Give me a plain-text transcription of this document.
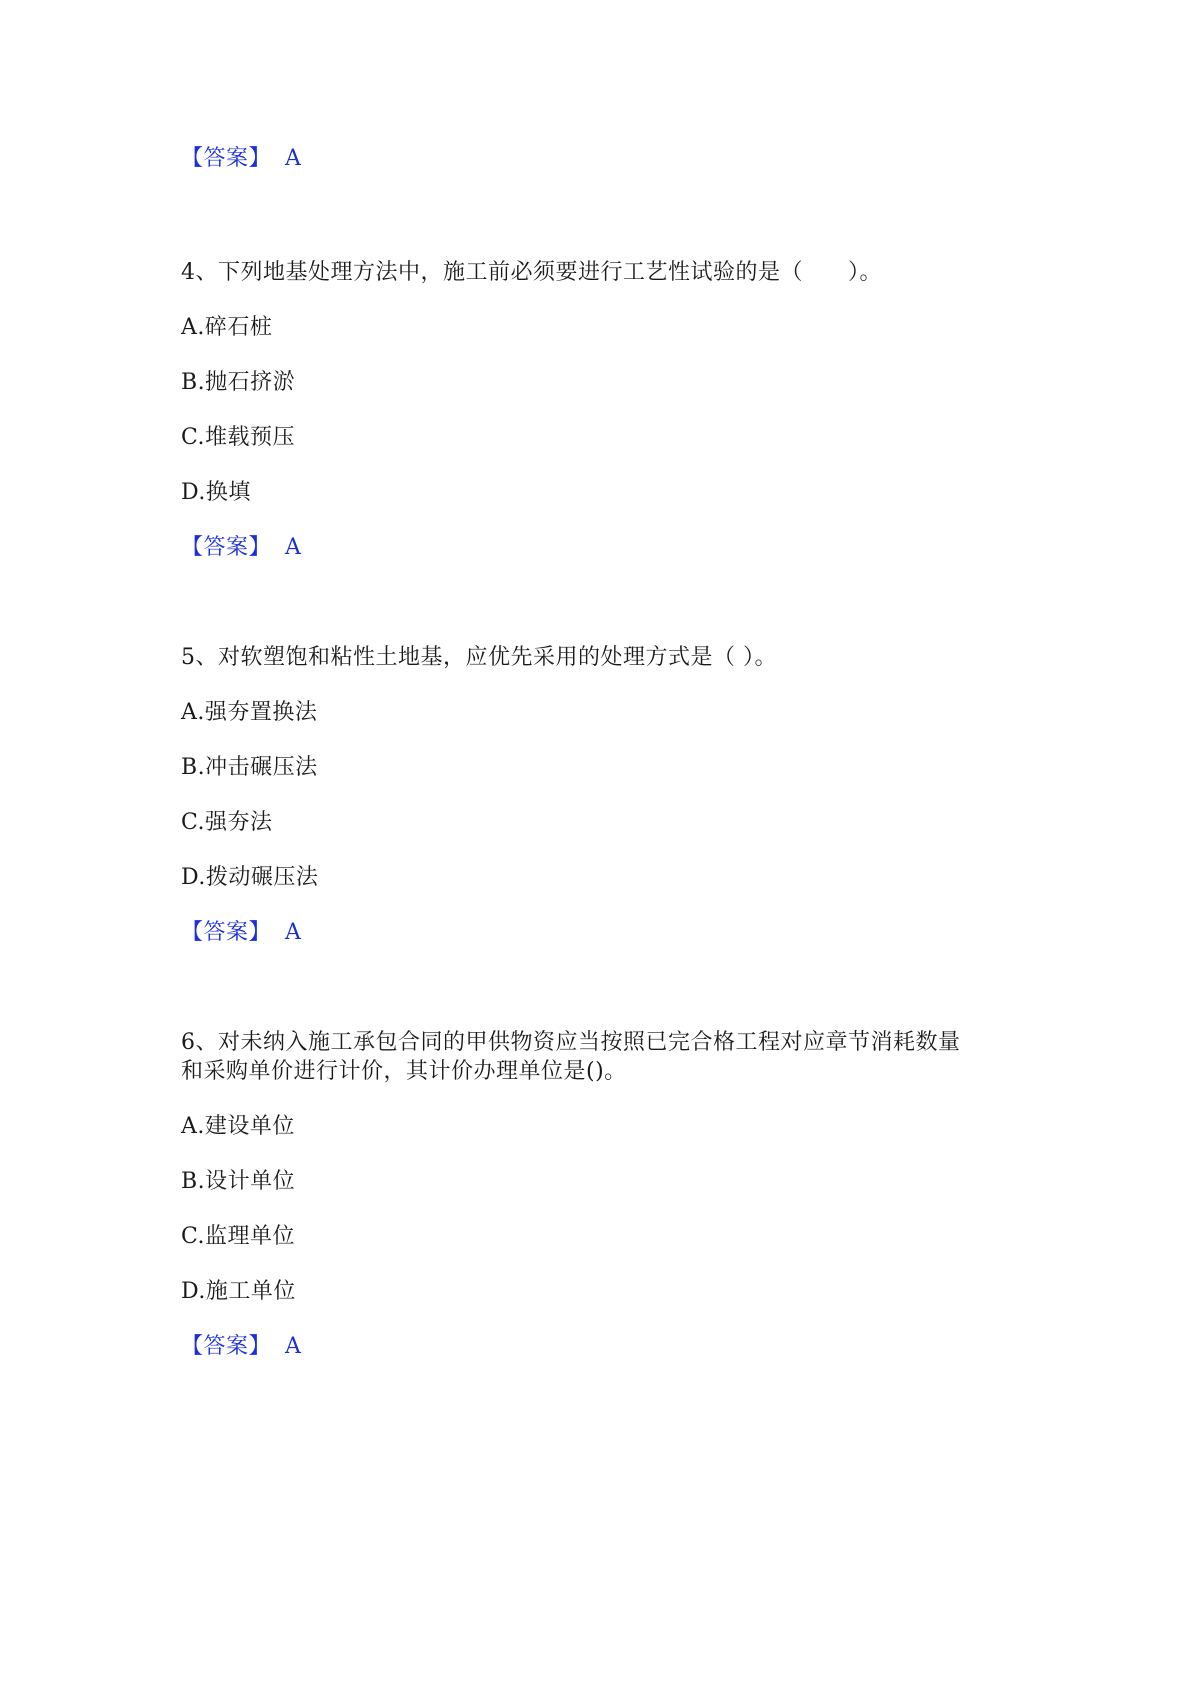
【答案】 A
4、下列地基处理方法中，施工前必须要进行工艺性试验的是（　　）。
A.碎石桩
B.抛石挤淤
C.堆载预压
D.换填
【答案】 A
5、对软塑饱和粘性土地基，应优先采用的处理方式是（ ）。
A.强夯置换法
B.冲击碾压法
C.强夯法
D.拨动碾压法
【答案】 A
6、对未纳入施工承包合同的甲供物资应当按照已完合格工程对应章节消耗数量
和采购单价进行计价，其计价办理单位是()。
A.建设单位
B.设计单位
C.监理单位
D.施工单位
【答案】 A
